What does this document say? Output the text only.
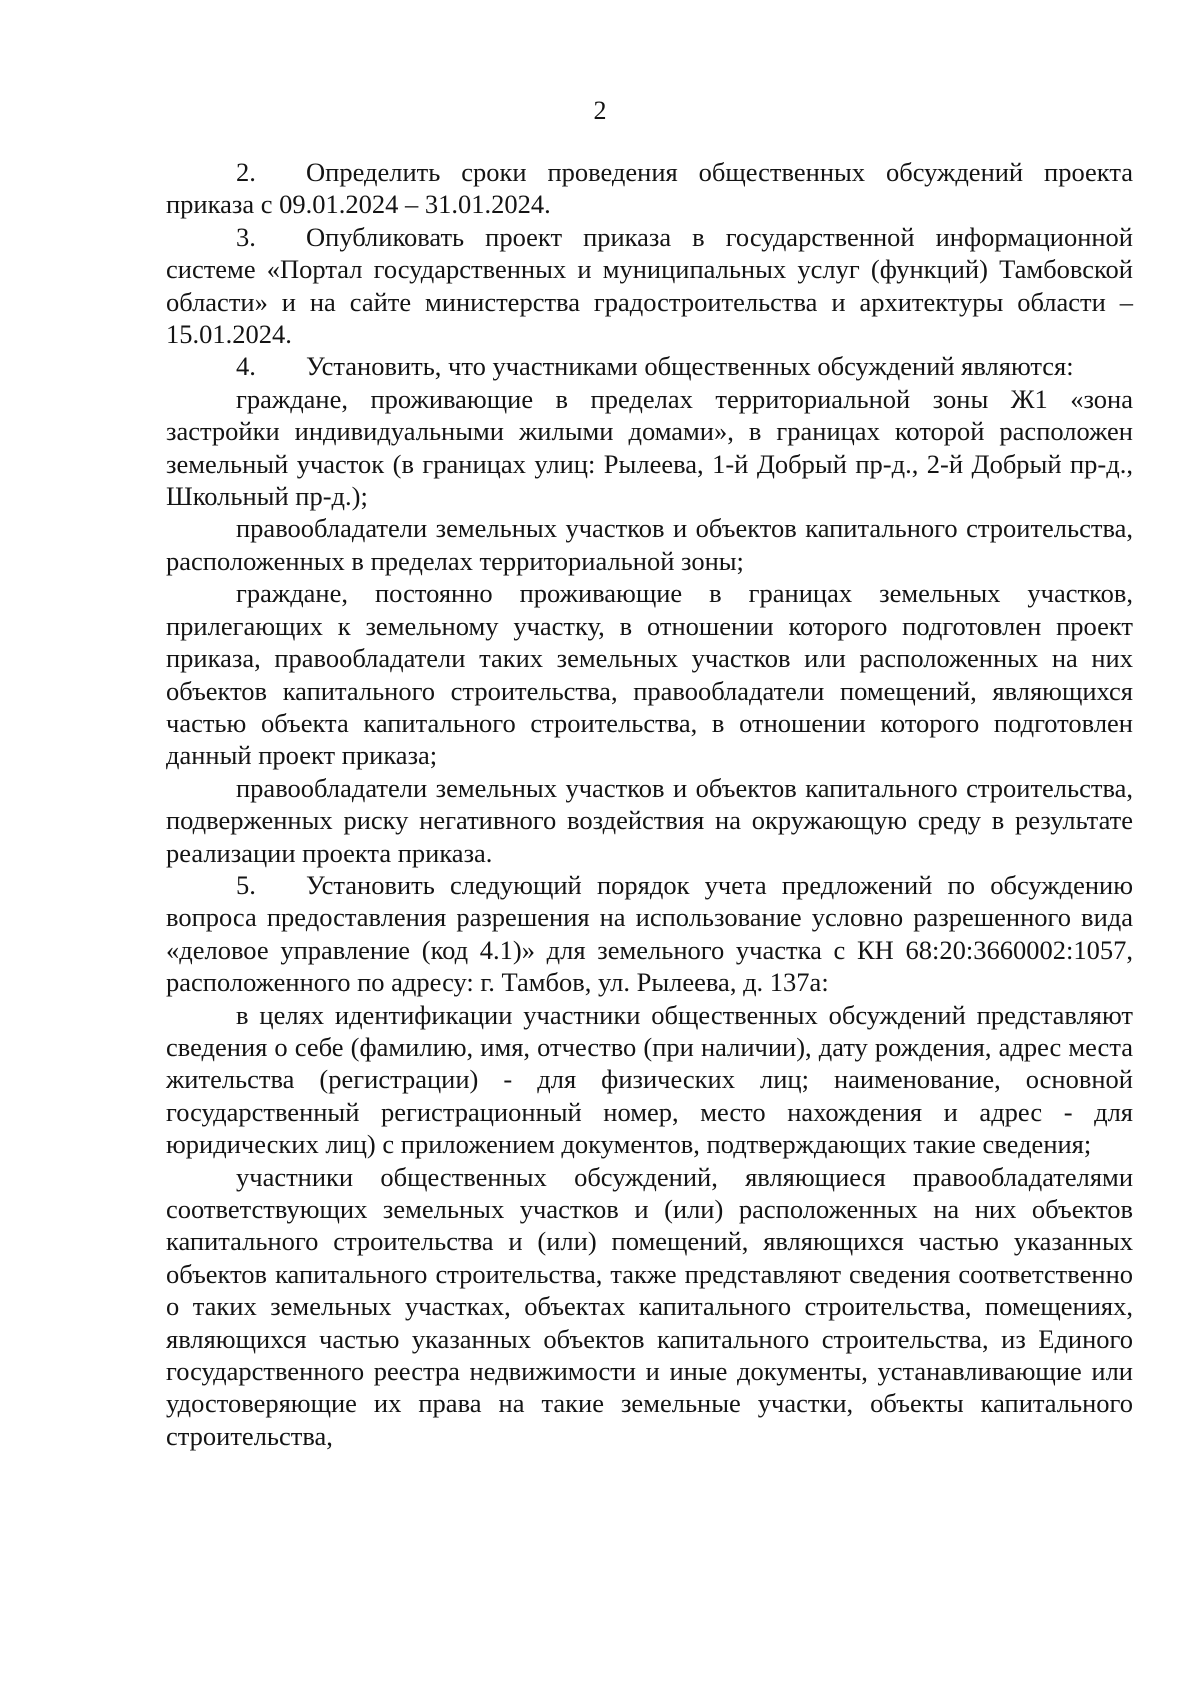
2

2. Определить сроки проведения общественных обсуждений проекта приказа с 09.01.2024 – 31.01.2024.

3. Опубликовать проект приказа в государственной информационной системе «Портал государственных и муниципальных услуг (функций) Тамбовской области» и на сайте министерства градостроительства и архитектуры области – 15.01.2024.

4. Установить, что участниками общественных обсуждений являются:

граждане, проживающие в пределах территориальной зоны Ж1 «зона застройки индивидуальными жилыми домами», в границах которой расположен земельный участок (в границах улиц: Рылеева, 1-й Добрый пр-д., 2-й Добрый пр-д., Школьный пр-д.);

правообладатели земельных участков и объектов капитального строительства, расположенных в пределах территориальной зоны;

граждане, постоянно проживающие в границах земельных участков, прилегающих к земельному участку, в отношении которого подготовлен проект приказа, правообладатели таких земельных участков или расположенных на них объектов капитального строительства, правообладатели помещений, являющихся частью объекта капитального строительства, в отношении которого подготовлен данный проект приказа;

правообладатели земельных участков и объектов капитального строительства, подверженных риску негативного воздействия на окружающую среду в результате реализации проекта приказа.

5. Установить следующий порядок учета предложений по обсуждению вопроса предоставления разрешения на использование условно разрешенного вида «деловое управление (код 4.1)» для земельного участка с КН 68:20:3660002:1057, расположенного по адресу: г. Тамбов, ул. Рылеева, д. 137а:

в целях идентификации участники общественных обсуждений представляют сведения о себе (фамилию, имя, отчество (при наличии), дату рождения, адрес места жительства (регистрации) - для физических лиц; наименование, основной государственный регистрационный номер, место нахождения и адрес - для юридических лиц) с приложением документов, подтверждающих такие сведения;

участники общественных обсуждений, являющиеся правообладателями соответствующих земельных участков и (или) расположенных на них объектов капитального строительства и (или) помещений, являющихся частью указанных объектов капитального строительства, также представляют сведения соответственно о таких земельных участках, объектах капитального строительства, помещениях, являющихся частью указанных объектов капитального строительства, из Единого государственного реестра недвижимости и иные документы, устанавливающие или удостоверяющие их права на такие земельные участки, объекты капитального строительства,
